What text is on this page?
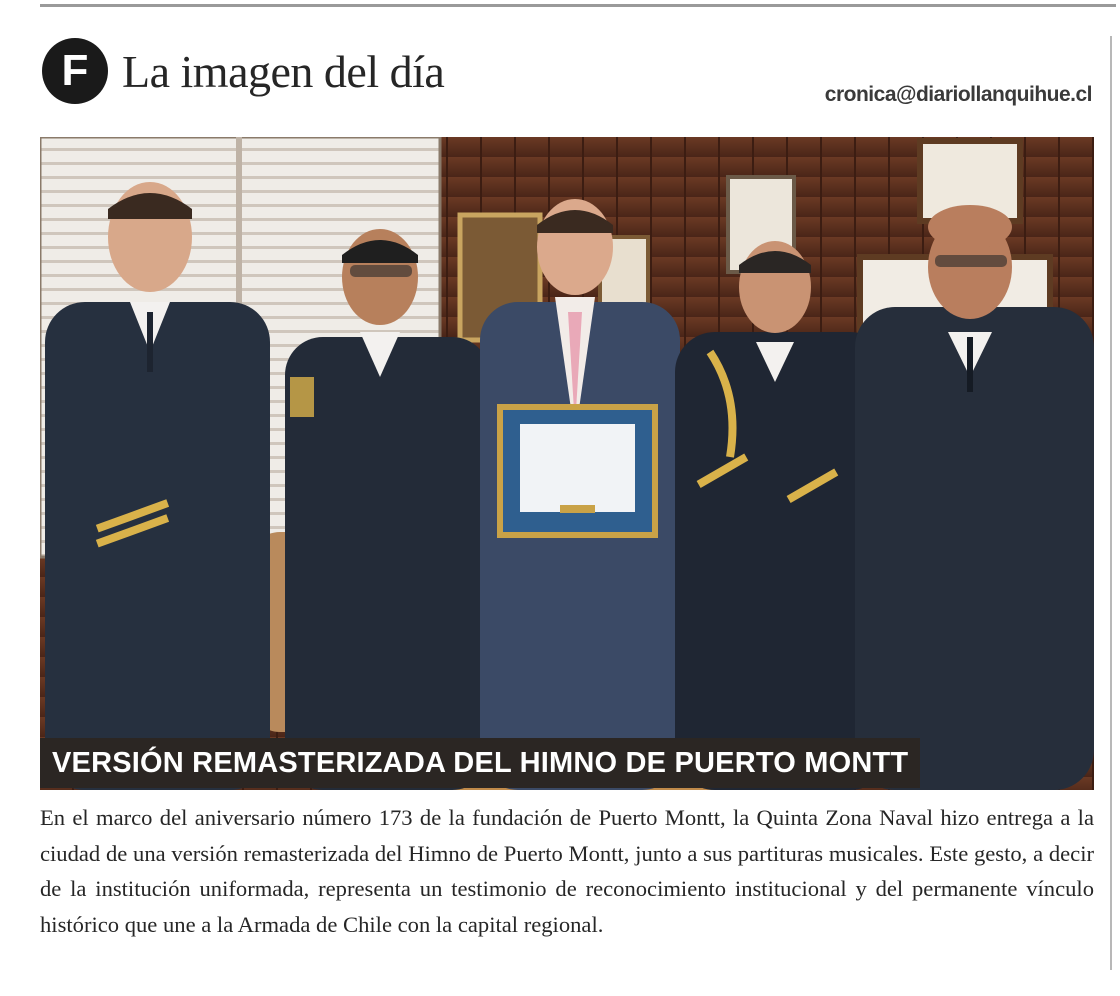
F La imagen del día	cronica@diariollanquihue.cl
VERSIÓN REMASTERIZADA DEL HIMNO DE PUERTO MONTT

En el marco del aniversario número 173 de la fundación de Puerto Montt, la Quinta Zona Naval hizo entrega a la ciudad de una versión remasterizada del Himno de Puerto Montt, junto a sus partituras musicales. Este gesto, a decir de la institución uniformada, representa un testimonio de reconocimiento institucional y del permanente vínculo histórico que une a la Armada de Chile con la capital regional.
